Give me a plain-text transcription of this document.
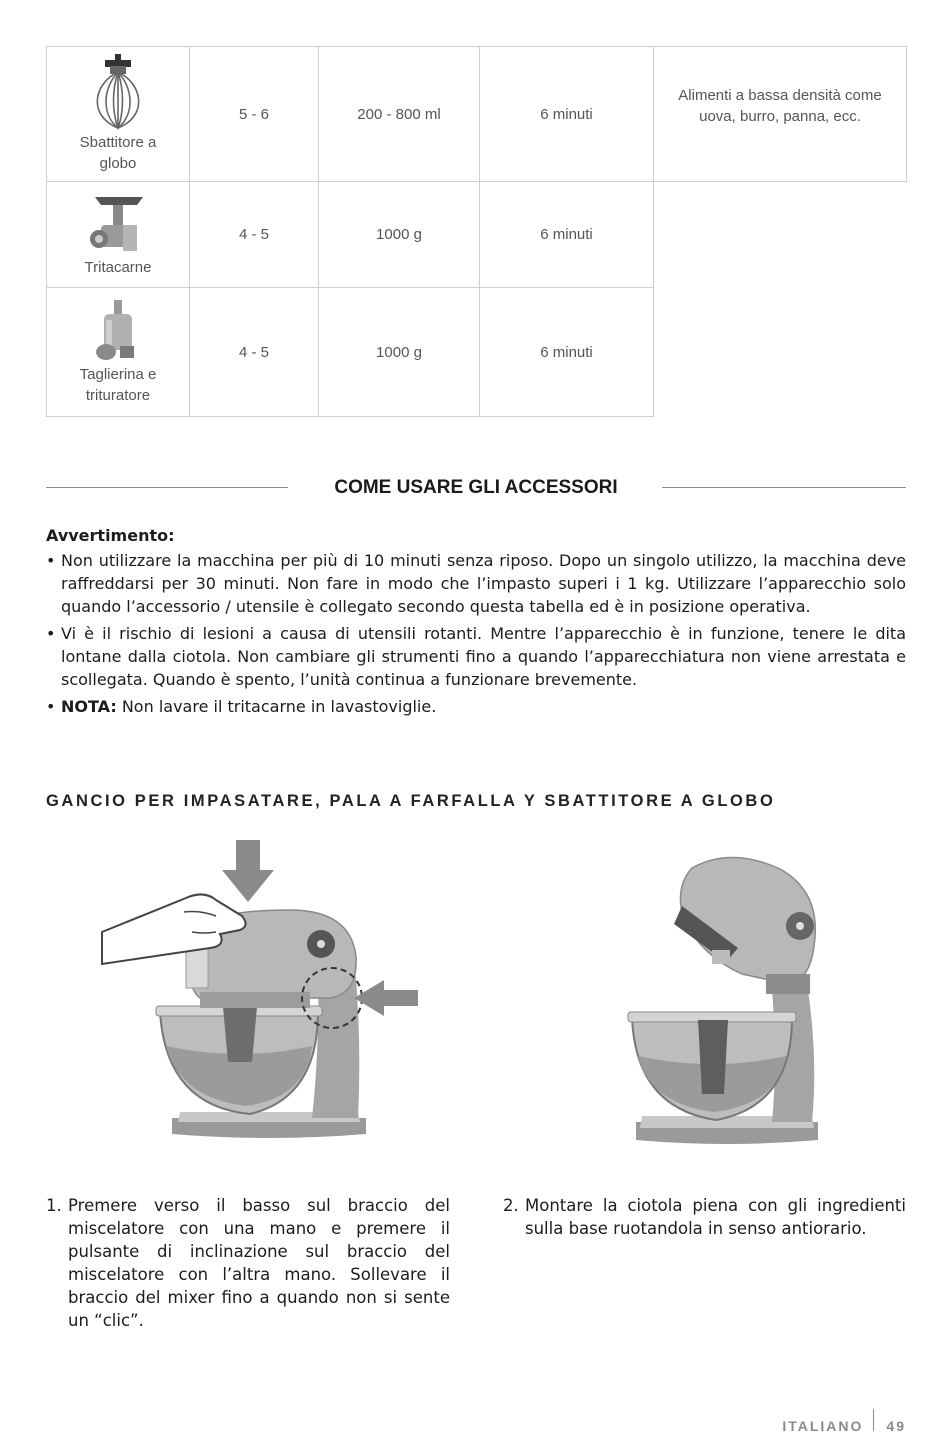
Sbattitore a globo	5 - 6	200 - 800 ml	6 minuti	Alimenti a bassa densità come uova, burro, panna, ecc.

Tritacarne	4 - 5	1000 g	6 minuti	

Taglierina e trituratore	4 - 5	1000 g	6 minuti	
COME USARE GLI ACCESSORI
Avvertimento:
• Non utilizzare la macchina per più di 10 minuti senza riposo. Dopo un singolo utilizzo, la macchina deve raffreddarsi per 30 minuti. Non fare in modo che l’impasto superi i 1 kg. Utilizzare l’apparecchio solo quando l’accessorio / utensile è collegato secondo questa tabella ed è in posizione operativa.
• Vi è il rischio di lesioni a causa di utensili rotanti. Mentre l’apparecchio è in funzione, tenere le dita lontane dalla ciotola. Non cambiare gli strumenti fino a quando l’apparecchiatura non viene arrestata e scollegata. Quando è spento, l’unità continua a funzionare brevemente.
• NOTA: Non lavare il tritacarne in lavastoviglie.
GANCIO PER IMPASATARE, PALA A FARFALLA Y SBATTITORE A GLOBO
1. Premere verso il basso sul braccio del miscelatore con una mano e premere il pulsante di inclinazione sul braccio del miscelatore con l’altra mano. Sollevare il braccio del mixer fino a quando non si sente un “clic”.
2. Montare la ciotola piena con gli ingredienti sulla base ruotandola in senso antiorario.
ITALIANO 49
